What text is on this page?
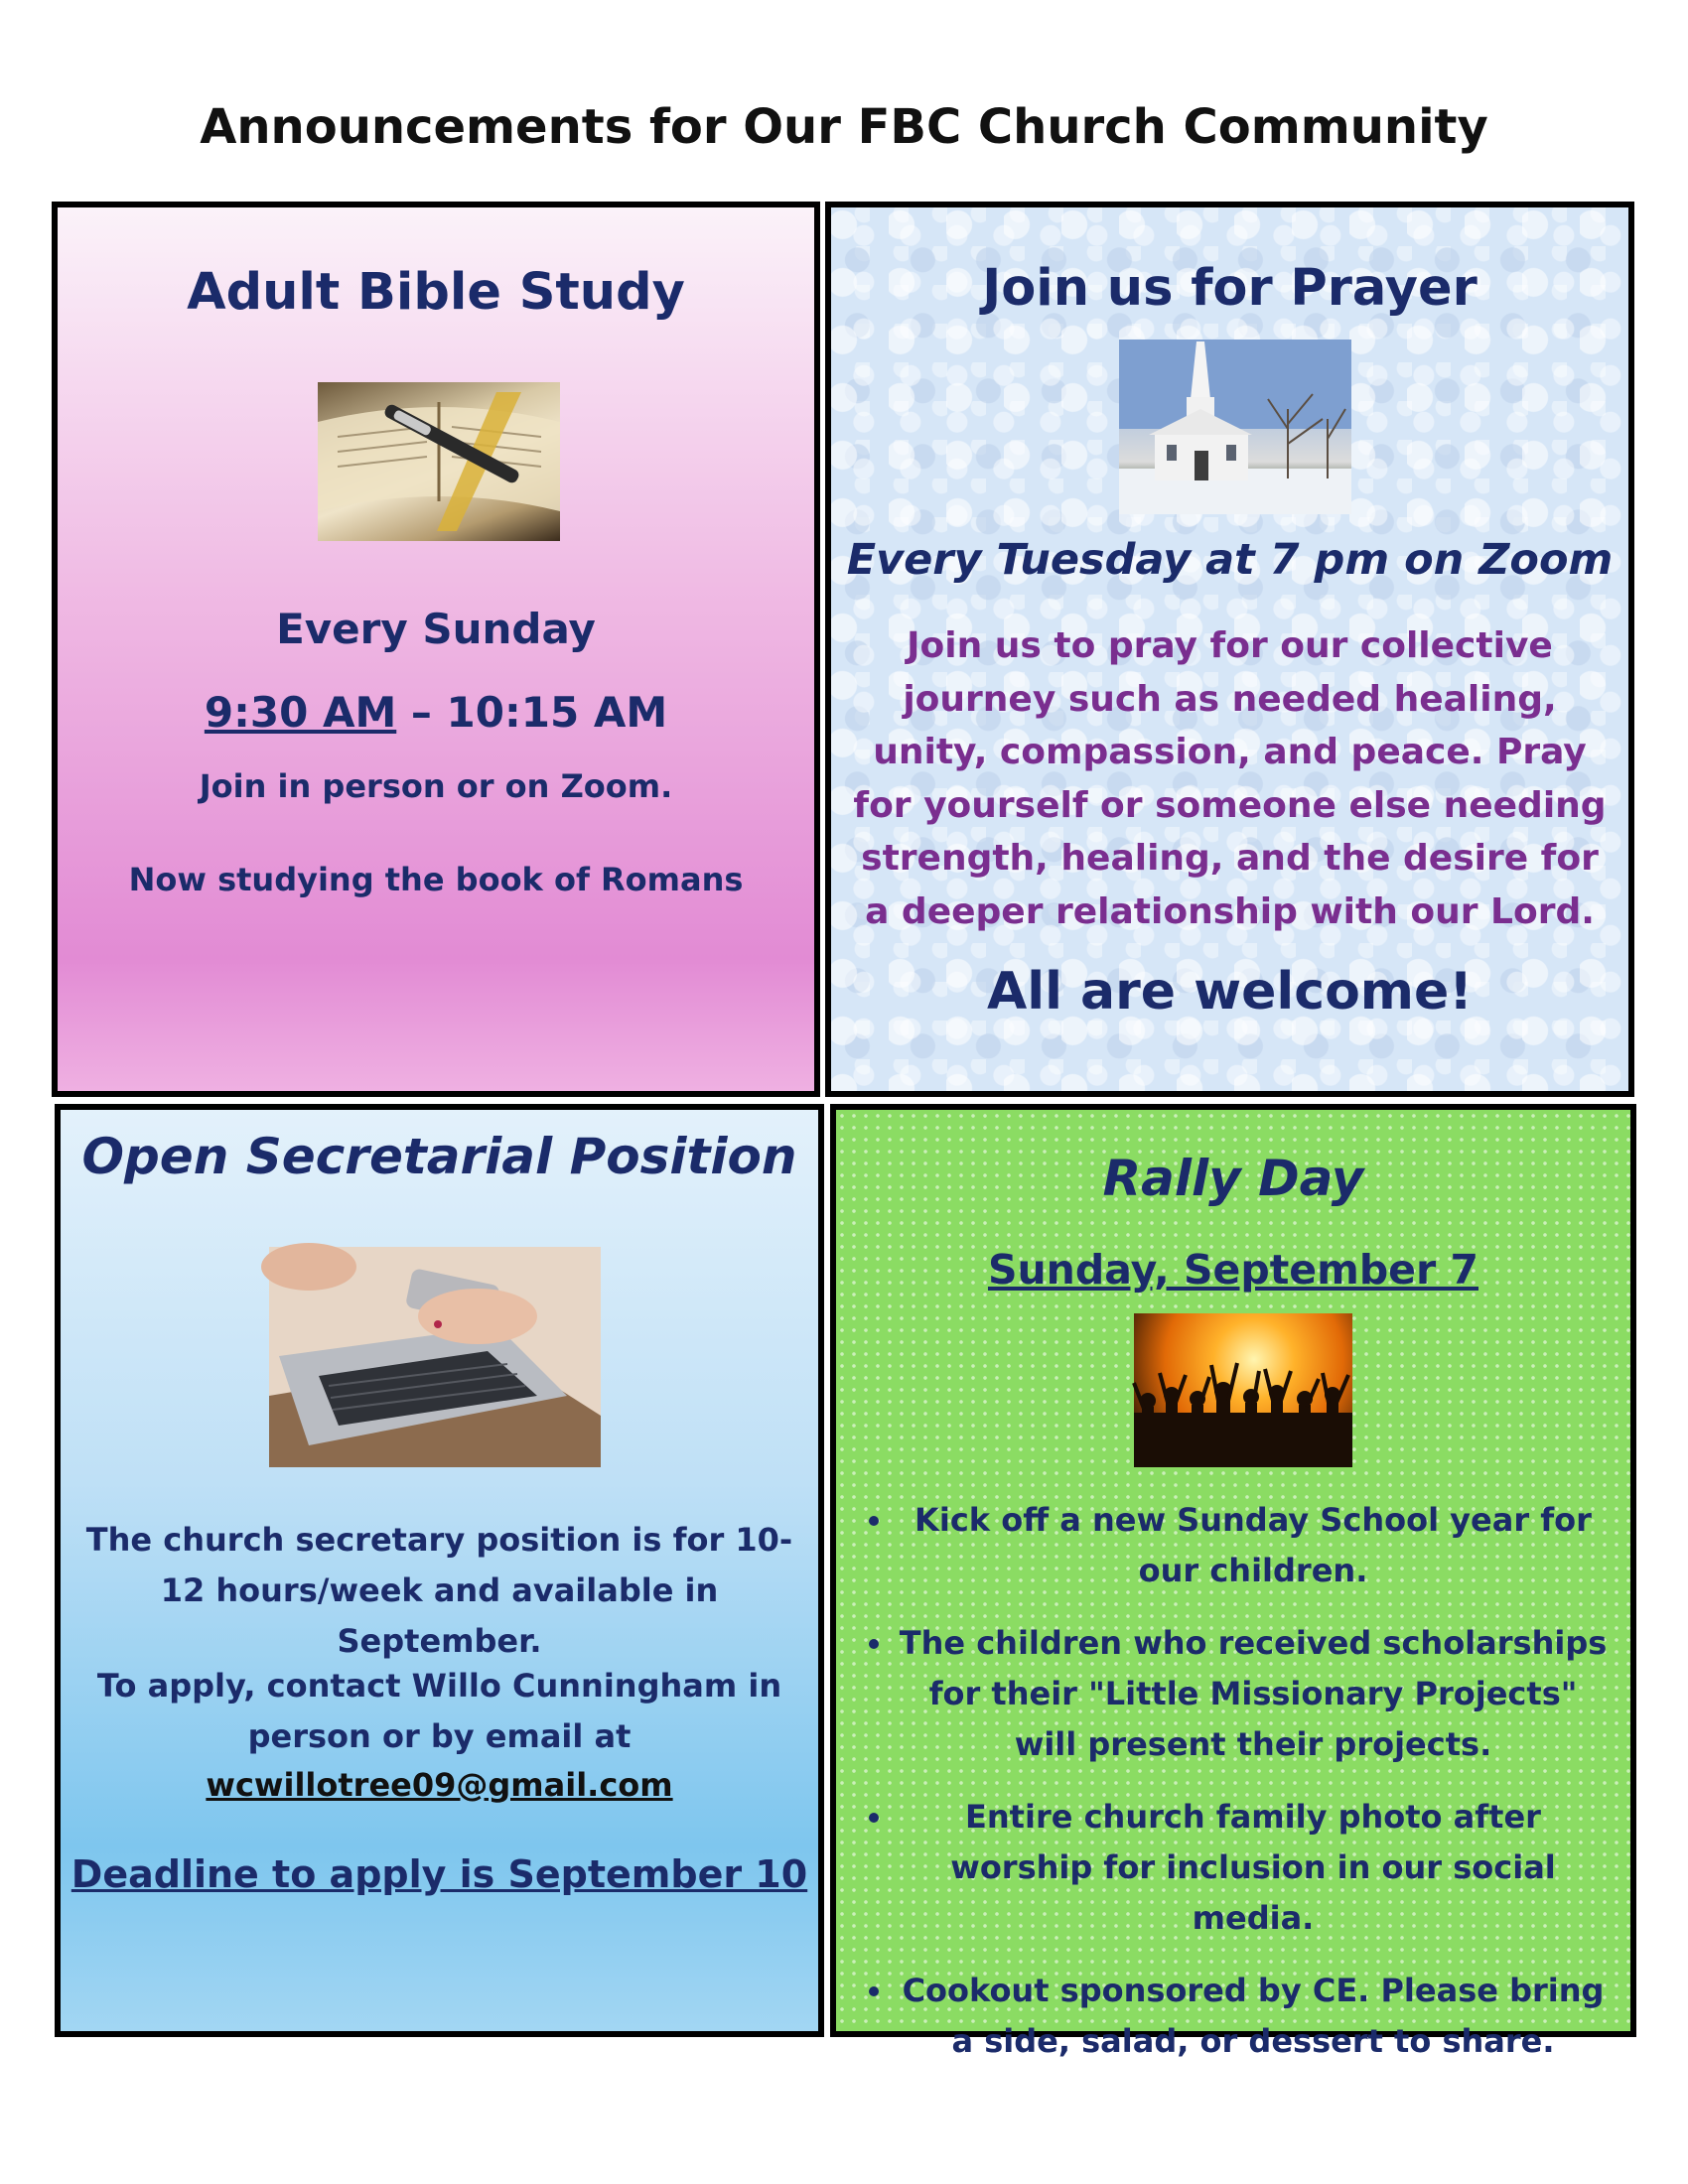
Announcements for Our FBC Church Community
Adult Bible Study
Every Sunday
9:30 AM – 10:15 AM
Join in person or on Zoom.
Now studying the book of Romans
Join us for Prayer
Every Tuesday at 7 pm on Zoom
Join us to pray for our collective journey such as needed healing, unity, compassion, and peace. Pray for yourself or someone else needing strength, healing, and the desire for a deeper relationship with our Lord.
All are welcome!
Open Secretarial Position
The church secretary position is for 10-12 hours/week and available in September.
To apply, contact Willo Cunningham in person or by email at
wcwillotree09@gmail.com
Deadline to apply is September 10
Rally Day
Sunday, September 7
• Kick off a new Sunday School year for our children.
• The children who received scholarships for their "Little Missionary Projects" will present their projects.
• Entire church family photo after worship for inclusion in our social media.
• Cookout sponsored by CE. Please bring a side, salad, or dessert to share.
